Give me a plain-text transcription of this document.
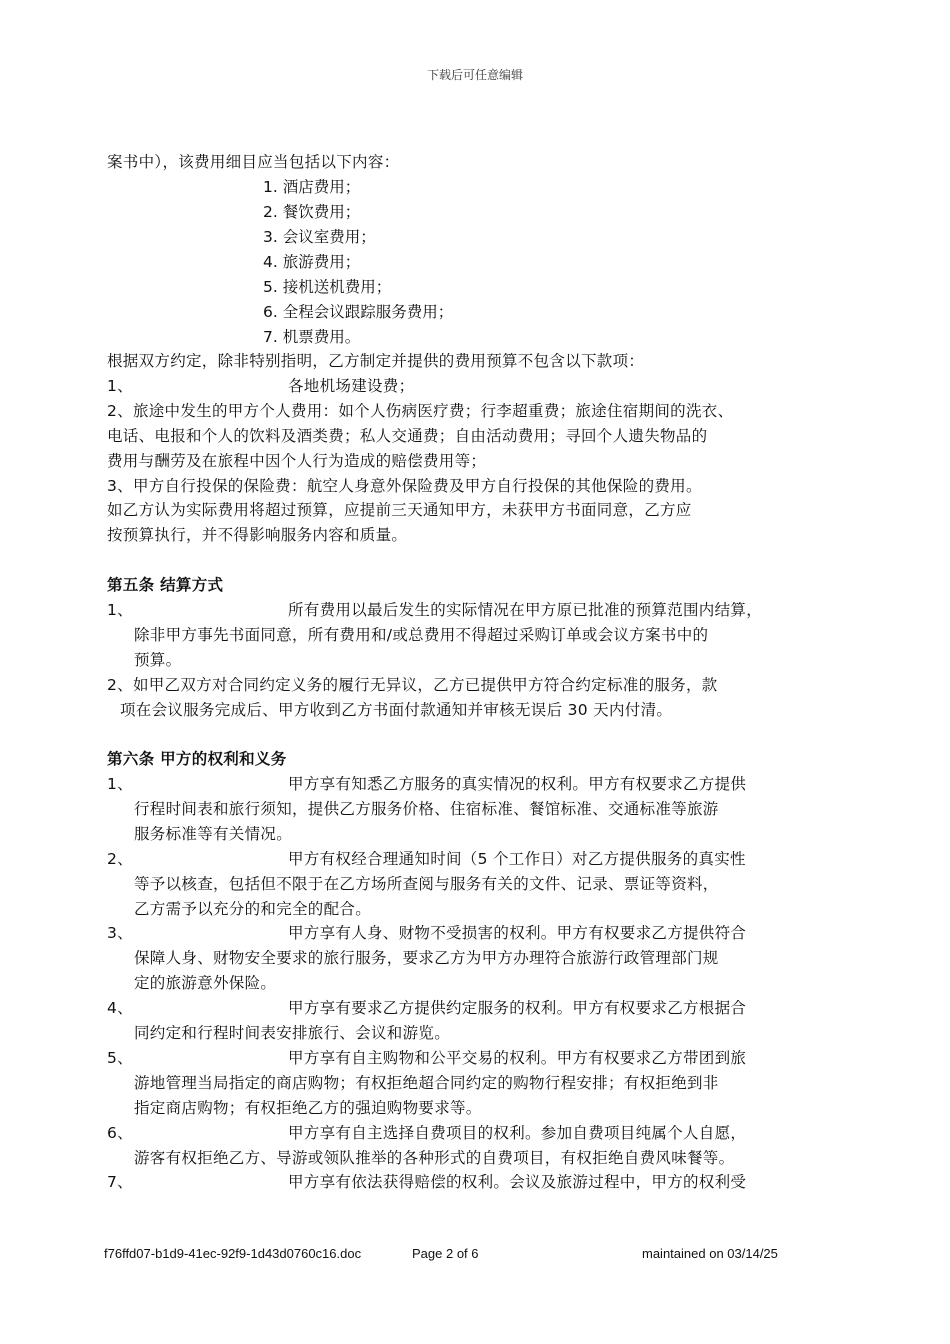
下载后可任意编辑
案书中），该费用细目应当包括以下内容：
1. 酒店费用；
2. 餐饮费用；
3. 会议室费用；
4. 旅游费用；
5. 接机送机费用；
6. 全程会议跟踪服务费用；
7. 机票费用。
根据双方约定，除非特别指明，乙方制定并提供的费用预算不包含以下款项：
1、	各地机场建设费；
2、旅途中发生的甲方个人费用：如个人伤病医疗费；行李超重费；旅途住宿期间的洗衣、
电话、电报和个人的饮料及酒类费；私人交通费；自由活动费用；寻回个人遗失物品的
费用与酬劳及在旅程中因个人行为造成的赔偿费用等；
3、甲方自行投保的保险费：航空人身意外保险费及甲方自行投保的其他保险的费用。
如乙方认为实际费用将超过预算，应提前三天通知甲方，未获甲方书面同意，乙方应
按预算执行，并不得影响服务内容和质量。
第五条 结算方式
1、	所有费用以最后发生的实际情况在甲方原已批准的预算范围内结算，
除非甲方事先书面同意，所有费用和/或总费用不得超过采购订单或会议方案书中的
预算。
2、如甲乙双方对合同约定义务的履行无异议，乙方已提供甲方符合约定标准的服务，款
项在会议服务完成后、甲方收到乙方书面付款通知并审核无误后 30 天内付清。
第六条 甲方的权利和义务
1、	甲方享有知悉乙方服务的真实情况的权利。甲方有权要求乙方提供
行程时间表和旅行须知，提供乙方服务价格、住宿标准、餐馆标准、交通标准等旅游
服务标准等有关情况。
2、	甲方有权经合理通知时间（5 个工作日）对乙方提供服务的真实性
等予以核查，包括但不限于在乙方场所查阅与服务有关的文件、记录、票证等资料，
乙方需予以充分的和完全的配合。
3、	甲方享有人身、财物不受损害的权利。甲方有权要求乙方提供符合
保障人身、财物安全要求的旅行服务，要求乙方为甲方办理符合旅游行政管理部门规
定的旅游意外保险。
4、	甲方享有要求乙方提供约定服务的权利。甲方有权要求乙方根据合
同约定和行程时间表安排旅行、会议和游览。
5、	甲方享有自主购物和公平交易的权利。甲方有权要求乙方带团到旅
游地管理当局指定的商店购物；有权拒绝超合同约定的购物行程安排；有权拒绝到非
指定商店购物；有权拒绝乙方的强迫购物要求等。
6、	甲方享有自主选择自费项目的权利。参加自费项目纯属个人自愿，
游客有权拒绝乙方、导游或领队推举的各种形式的自费项目，有权拒绝自费风味餐等。
7、	甲方享有依法获得赔偿的权利。会议及旅游过程中，甲方的权利受
f76ffd07-b1d9-41ec-92f9-1d43d0760c16.doc	Page 2 of 6	maintained on 03/14/25
